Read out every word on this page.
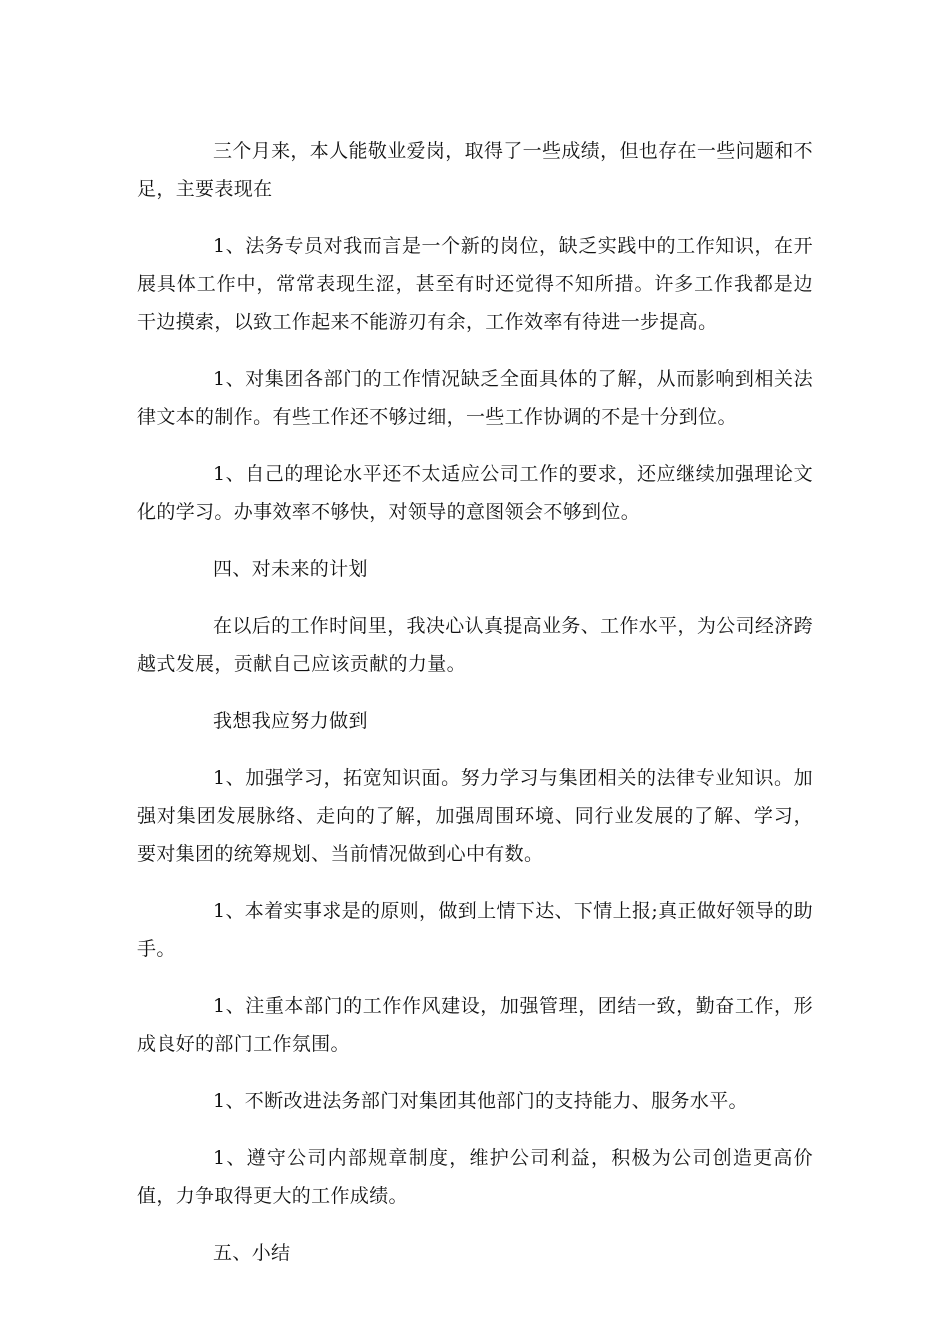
三个月来，本人能敬业爱岗，取得了一些成绩，但也存在一些问题和不足，主要表现在

1、法务专员对我而言是一个新的岗位，缺乏实践中的工作知识，在开展具体工作中，常常表现生涩，甚至有时还觉得不知所措。许多工作我都是边干边摸索，以致工作起来不能游刃有余，工作效率有待进一步提高。

1、对集团各部门的工作情况缺乏全面具体的了解，从而影响到相关法律文本的制作。有些工作还不够过细，一些工作协调的不是十分到位。

1、自己的理论水平还不太适应公司工作的要求，还应继续加强理论文化的学习。办事效率不够快，对领导的意图领会不够到位。

四、对未来的计划

在以后的工作时间里，我决心认真提高业务、工作水平，为公司经济跨越式发展，贡献自己应该贡献的力量。

我想我应努力做到

1、加强学习，拓宽知识面。努力学习与集团相关的法律专业知识。加强对集团发展脉络、走向的了解，加强周围环境、同行业发展的了解、学习，要对集团的统筹规划、当前情况做到心中有数。

1、本着实事求是的原则，做到上情下达、下情上报;真正做好领导的助手。

1、注重本部门的工作作风建设，加强管理，团结一致，勤奋工作，形成良好的部门工作氛围。

1、不断改进法务部门对集团其他部门的支持能力、服务水平。

1、遵守公司内部规章制度，维护公司利益，积极为公司创造更高价值，力争取得更大的工作成绩。

五、小结
